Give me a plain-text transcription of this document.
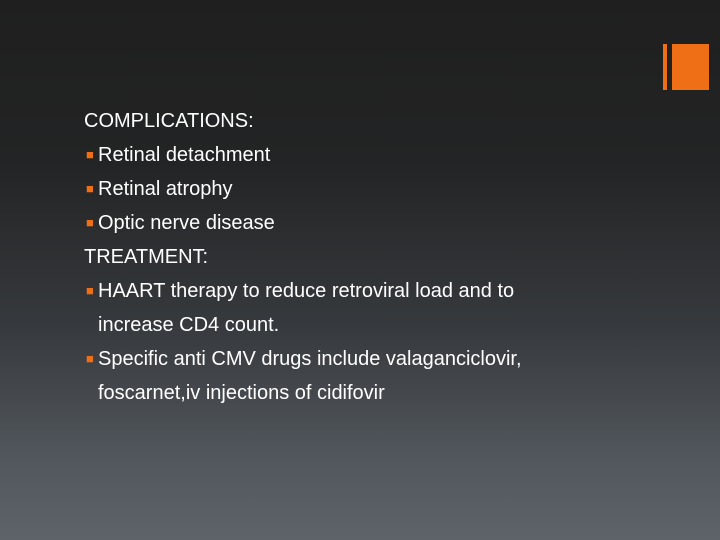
COMPLICATIONS:
■
Retinal detachment
■
Retinal atrophy
■
Optic nerve disease
TREATMENT:
■
HAART therapy to reduce retroviral load and to
increase CD4 count.
■
Specific anti CMV drugs include valaganciclovir,
foscarnet,iv injections of cidifovir
